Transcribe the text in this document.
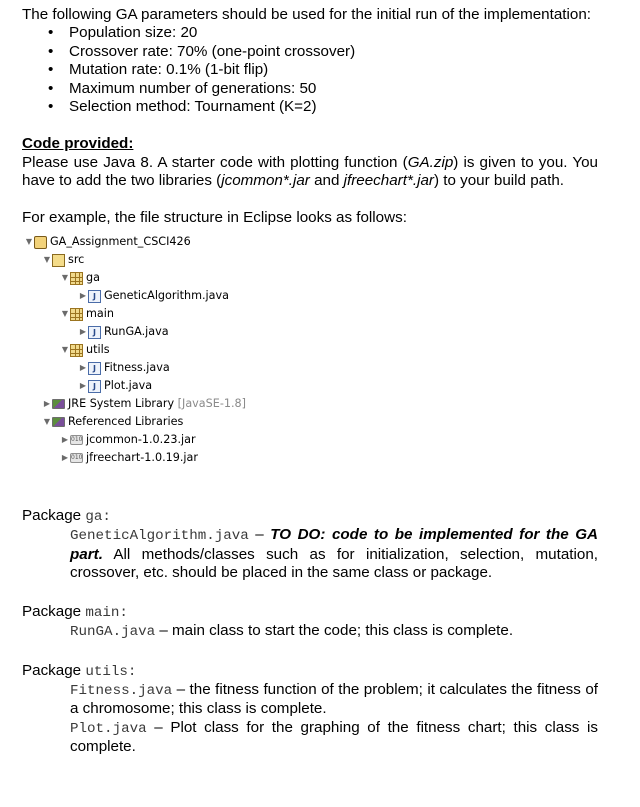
The following GA parameters should be used for the initial run of the implementation:

• Population size: 20
• Crossover rate: 70% (one-point crossover)
• Mutation rate: 0.1% (1-bit flip)
• Maximum number of generations: 50
• Selection method: Tournament (K=2)

Code provided:

Please use Java 8. A starter code with plotting function (GA.zip) is given to you. You have to add the two libraries (jcommon*.jar and jfreechart*.jar) to your build path.

For example, the file structure in Eclipse looks as follows:

▼ GA_Assignment_CSCI426
▼ src
▼ ga
▶ J GeneticAlgorithm.java
▼ main
▶ J RunGA.java
▼ utils
▶ J Fitness.java
▶ J Plot.java
▶ JRE System Library
[JavaSE-1.8]
▼ Referenced Libraries
▶ 010 jcommon-1.0.23.jar
▶ 010 jfreechart-1.0.19.jar

Package ga:

GeneticAlgorithm.java – TO DO: code to be implemented for the GA part. All methods/classes such as for initialization, selection, mutation, crossover, etc. should be placed in the same class or package.

Package main:

RunGA.java – main class to start the code; this class is complete.

Package utils:

Fitness.java – the fitness function of the problem; it calculates the fitness of a chromosome; this class is complete.

Plot.java – Plot class for the graphing of the fitness chart; this class is complete.
